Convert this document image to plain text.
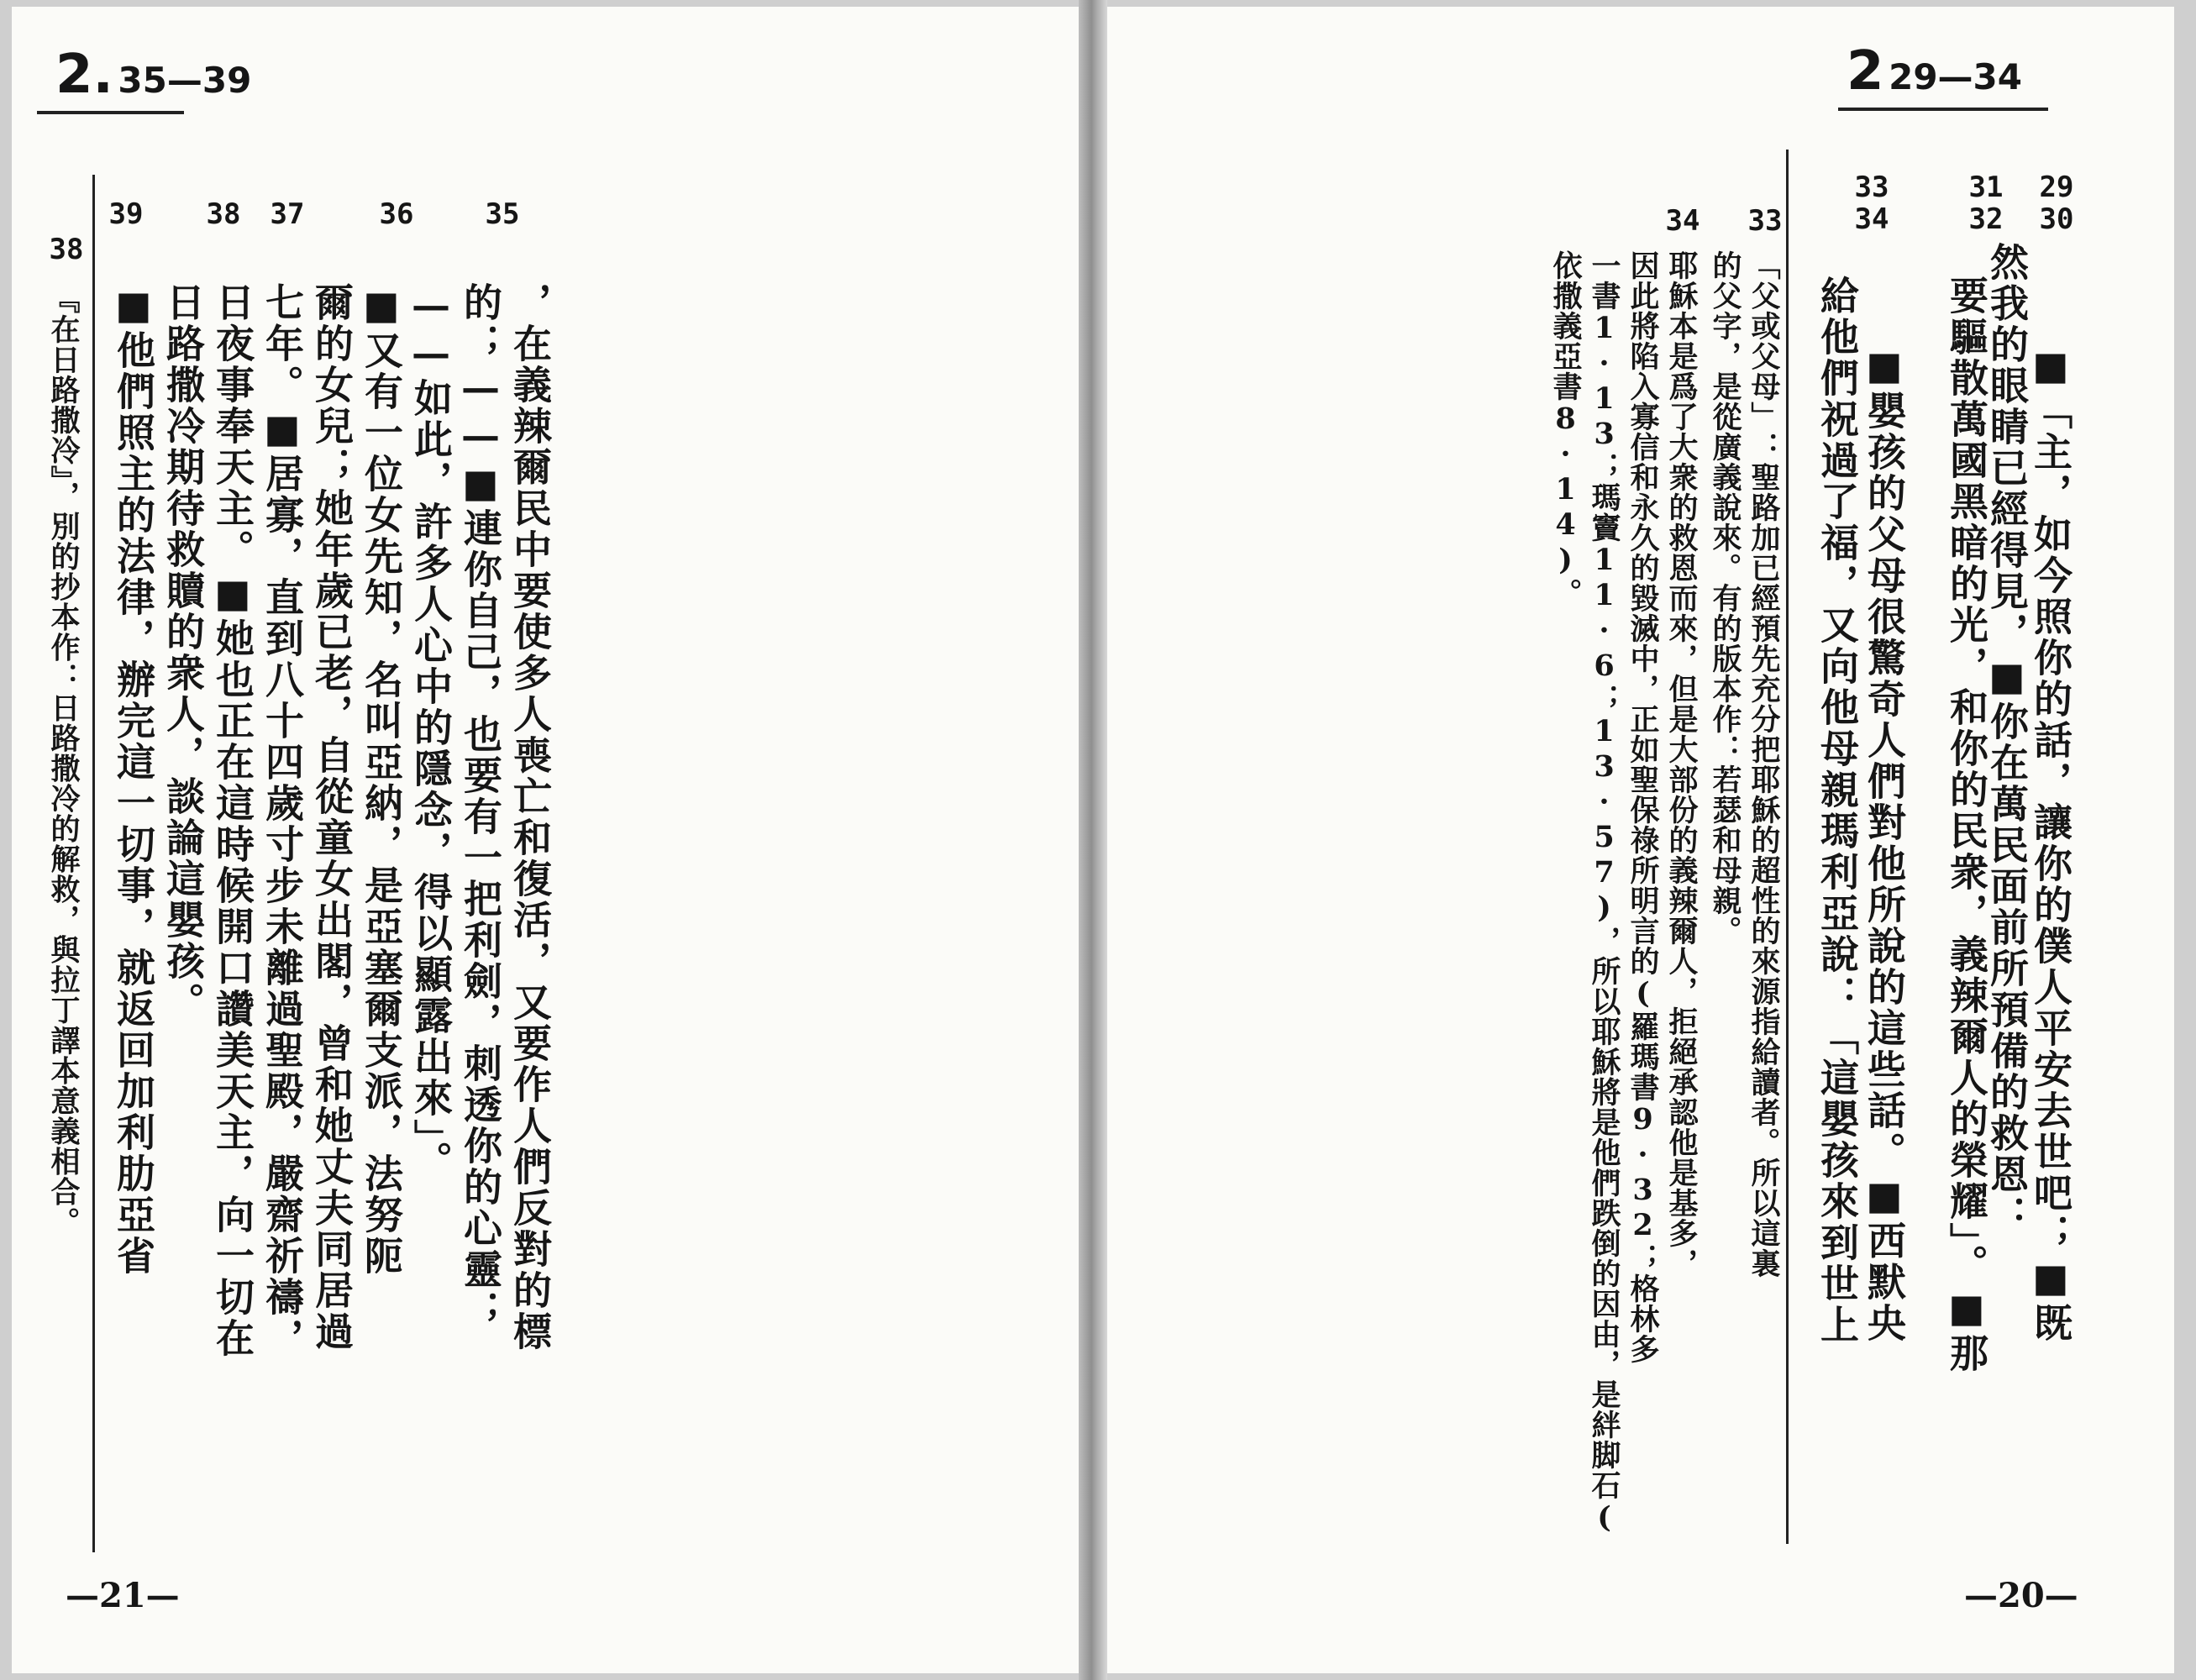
2. 35—39
35
36
37
38
39
，在義辣爾民中要使多人喪亡和復活，又要作人們反對的標
的；——■連你自己，也要有一把利劍，刺透你的心靈；
——如此，許多人心中的隱念，得以顯露出來」。
■又有一位女先知，名叫亞納，是亞塞爾支派，法努阨
爾的女兒；她年歲已老，自從童女出閣，曾和她丈夫同居過
七年。■居寡，直到八十四歲寸步未離過聖殿，嚴齋祈禱，
日夜事奉天主。■她也正在這時候開口讚美天主，向一切在
日路撒冷期待救贖的衆人，談論這嬰孩。
■他們照主的法律，辦完這一切事，就返回加利肋亞省
38
『在日路撒冷』，別的抄本作：日路撒冷的解救，與拉丁譯本意義相合。
—21—
2 29—34
29
30
31
32
33
34
■「主，如今照你的話，讓你的僕人平安去世吧；■既
要驅散萬國黑暗的光，和你的民衆，義辣爾人的榮耀」。■那
然我的眼睛已經得見，■你在萬民面前所預備的救恩：
■嬰孩的父母很驚奇人們對他所說的這些話。■西默央
給他們祝過了福，又向他母親瑪利亞說：「這嬰孩來到世上
33
「父或父母」：聖路加已經預先充分把耶穌的超性的來源指給讀者。所以這裏
的父字，是從廣義說來。有的版本作：若瑟和母親。
34
耶穌本是爲了大衆的救恩而來，但是大部份的義辣爾人，拒絕承認他是基多，
因此將陷入寡信和永久的毀滅中，正如聖保祿所明言的(羅瑪書9·32；格林多
一書1·13；瑪竇11·6；13·57)，所以耶穌將是他們跌倒的因由，是絆脚石(
依撒義亞書8·14)。
—20—
